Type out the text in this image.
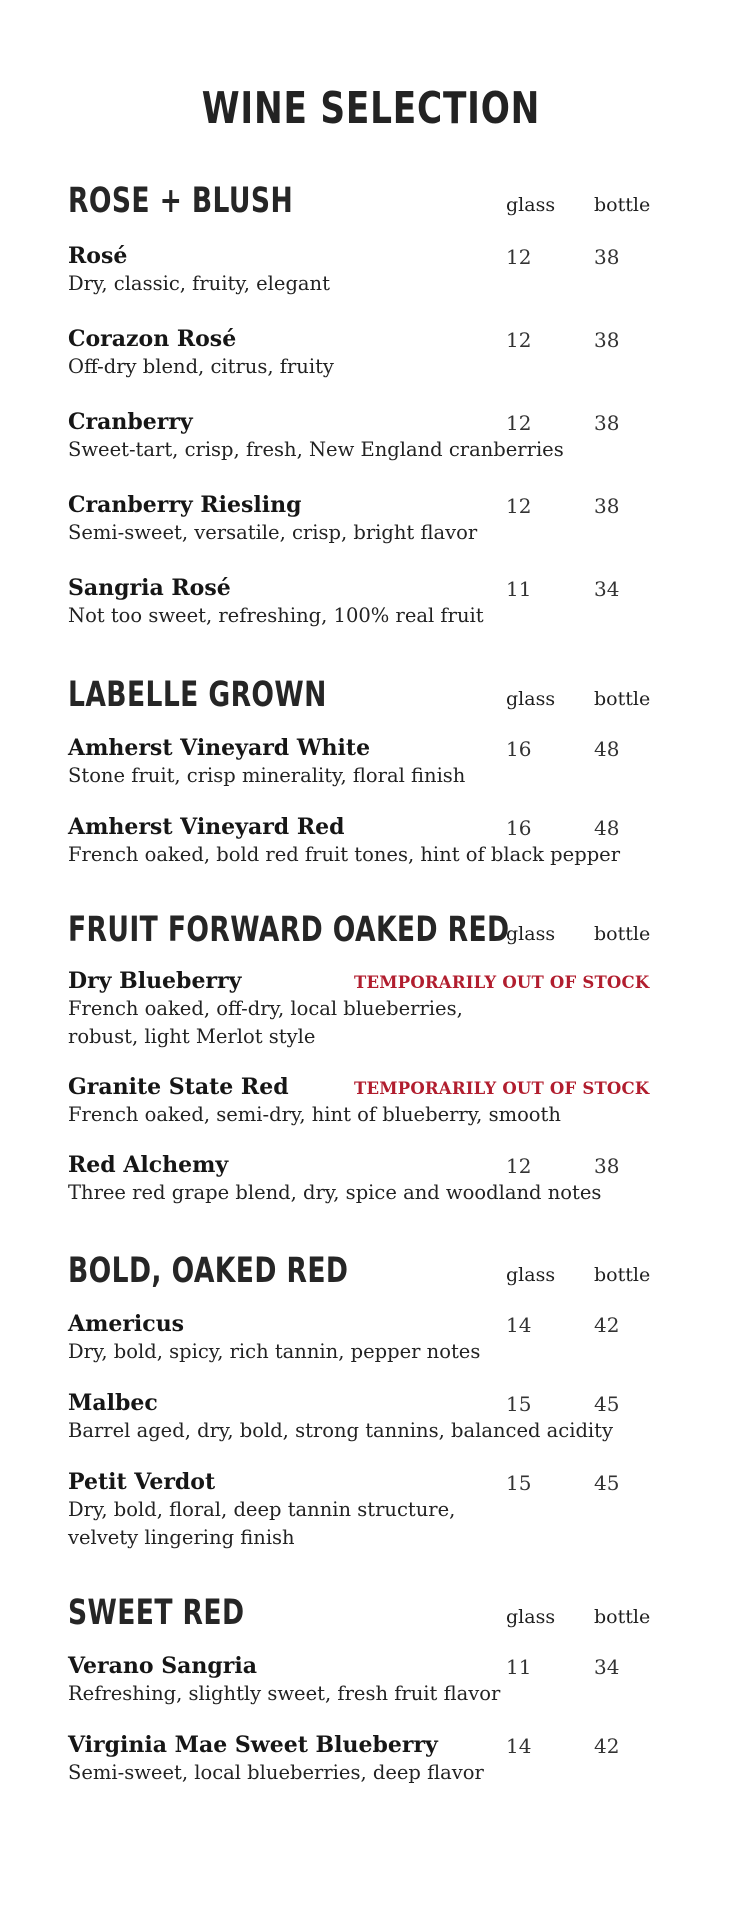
WINE SELECTION
ROSE + BLUSH	glass bottle
Rosé
Dry, classic, fruity, elegant
12	38
Corazon Rosé
Off-dry blend, citrus, fruity
12	38
Cranberry
Sweet-tart, crisp, fresh, New England cranberries
12	38
Cranberry Riesling
Semi-sweet, versatile, crisp, bright flavor
12	38
Sangria Rosé
Not too sweet, refreshing, 100% real fruit
11	34
LABELLE GROWN	glass bottle
Amherst Vineyard White
Stone fruit, crisp minerality, floral finish
16	48
Amherst Vineyard Red
French oaked, bold red fruit tones, hint of black pepper
16	48
FRUIT FORWARD OAKED RED
glass bottle
Dry Blueberry
French oaked, off-dry, local blueberries,
robust, light Merlot style
TEMPORARILY OUT OF STOCK
Granite State Red
French oaked, semi-dry, hint of blueberry, smooth
TEMPORARILY OUT OF STOCK
Red Alchemy
Three red grape blend, dry, spice and woodland notes
12	38
BOLD, OAKED RED	glass bottle
Americus
Dry, bold, spicy, rich tannin, pepper notes
14	42
Malbec
Barrel aged, dry, bold, strong tannins, balanced acidity
15	45
Petit Verdot
Dry, bold, floral, deep tannin structure,
velvety lingering finish
15	45
SWEET RED	glass bottle
Verano Sangria
Refreshing, slightly sweet, fresh fruit flavor
11	34
Virginia Mae Sweet Blueberry
Semi-sweet, local blueberries, deep flavor
14	42
